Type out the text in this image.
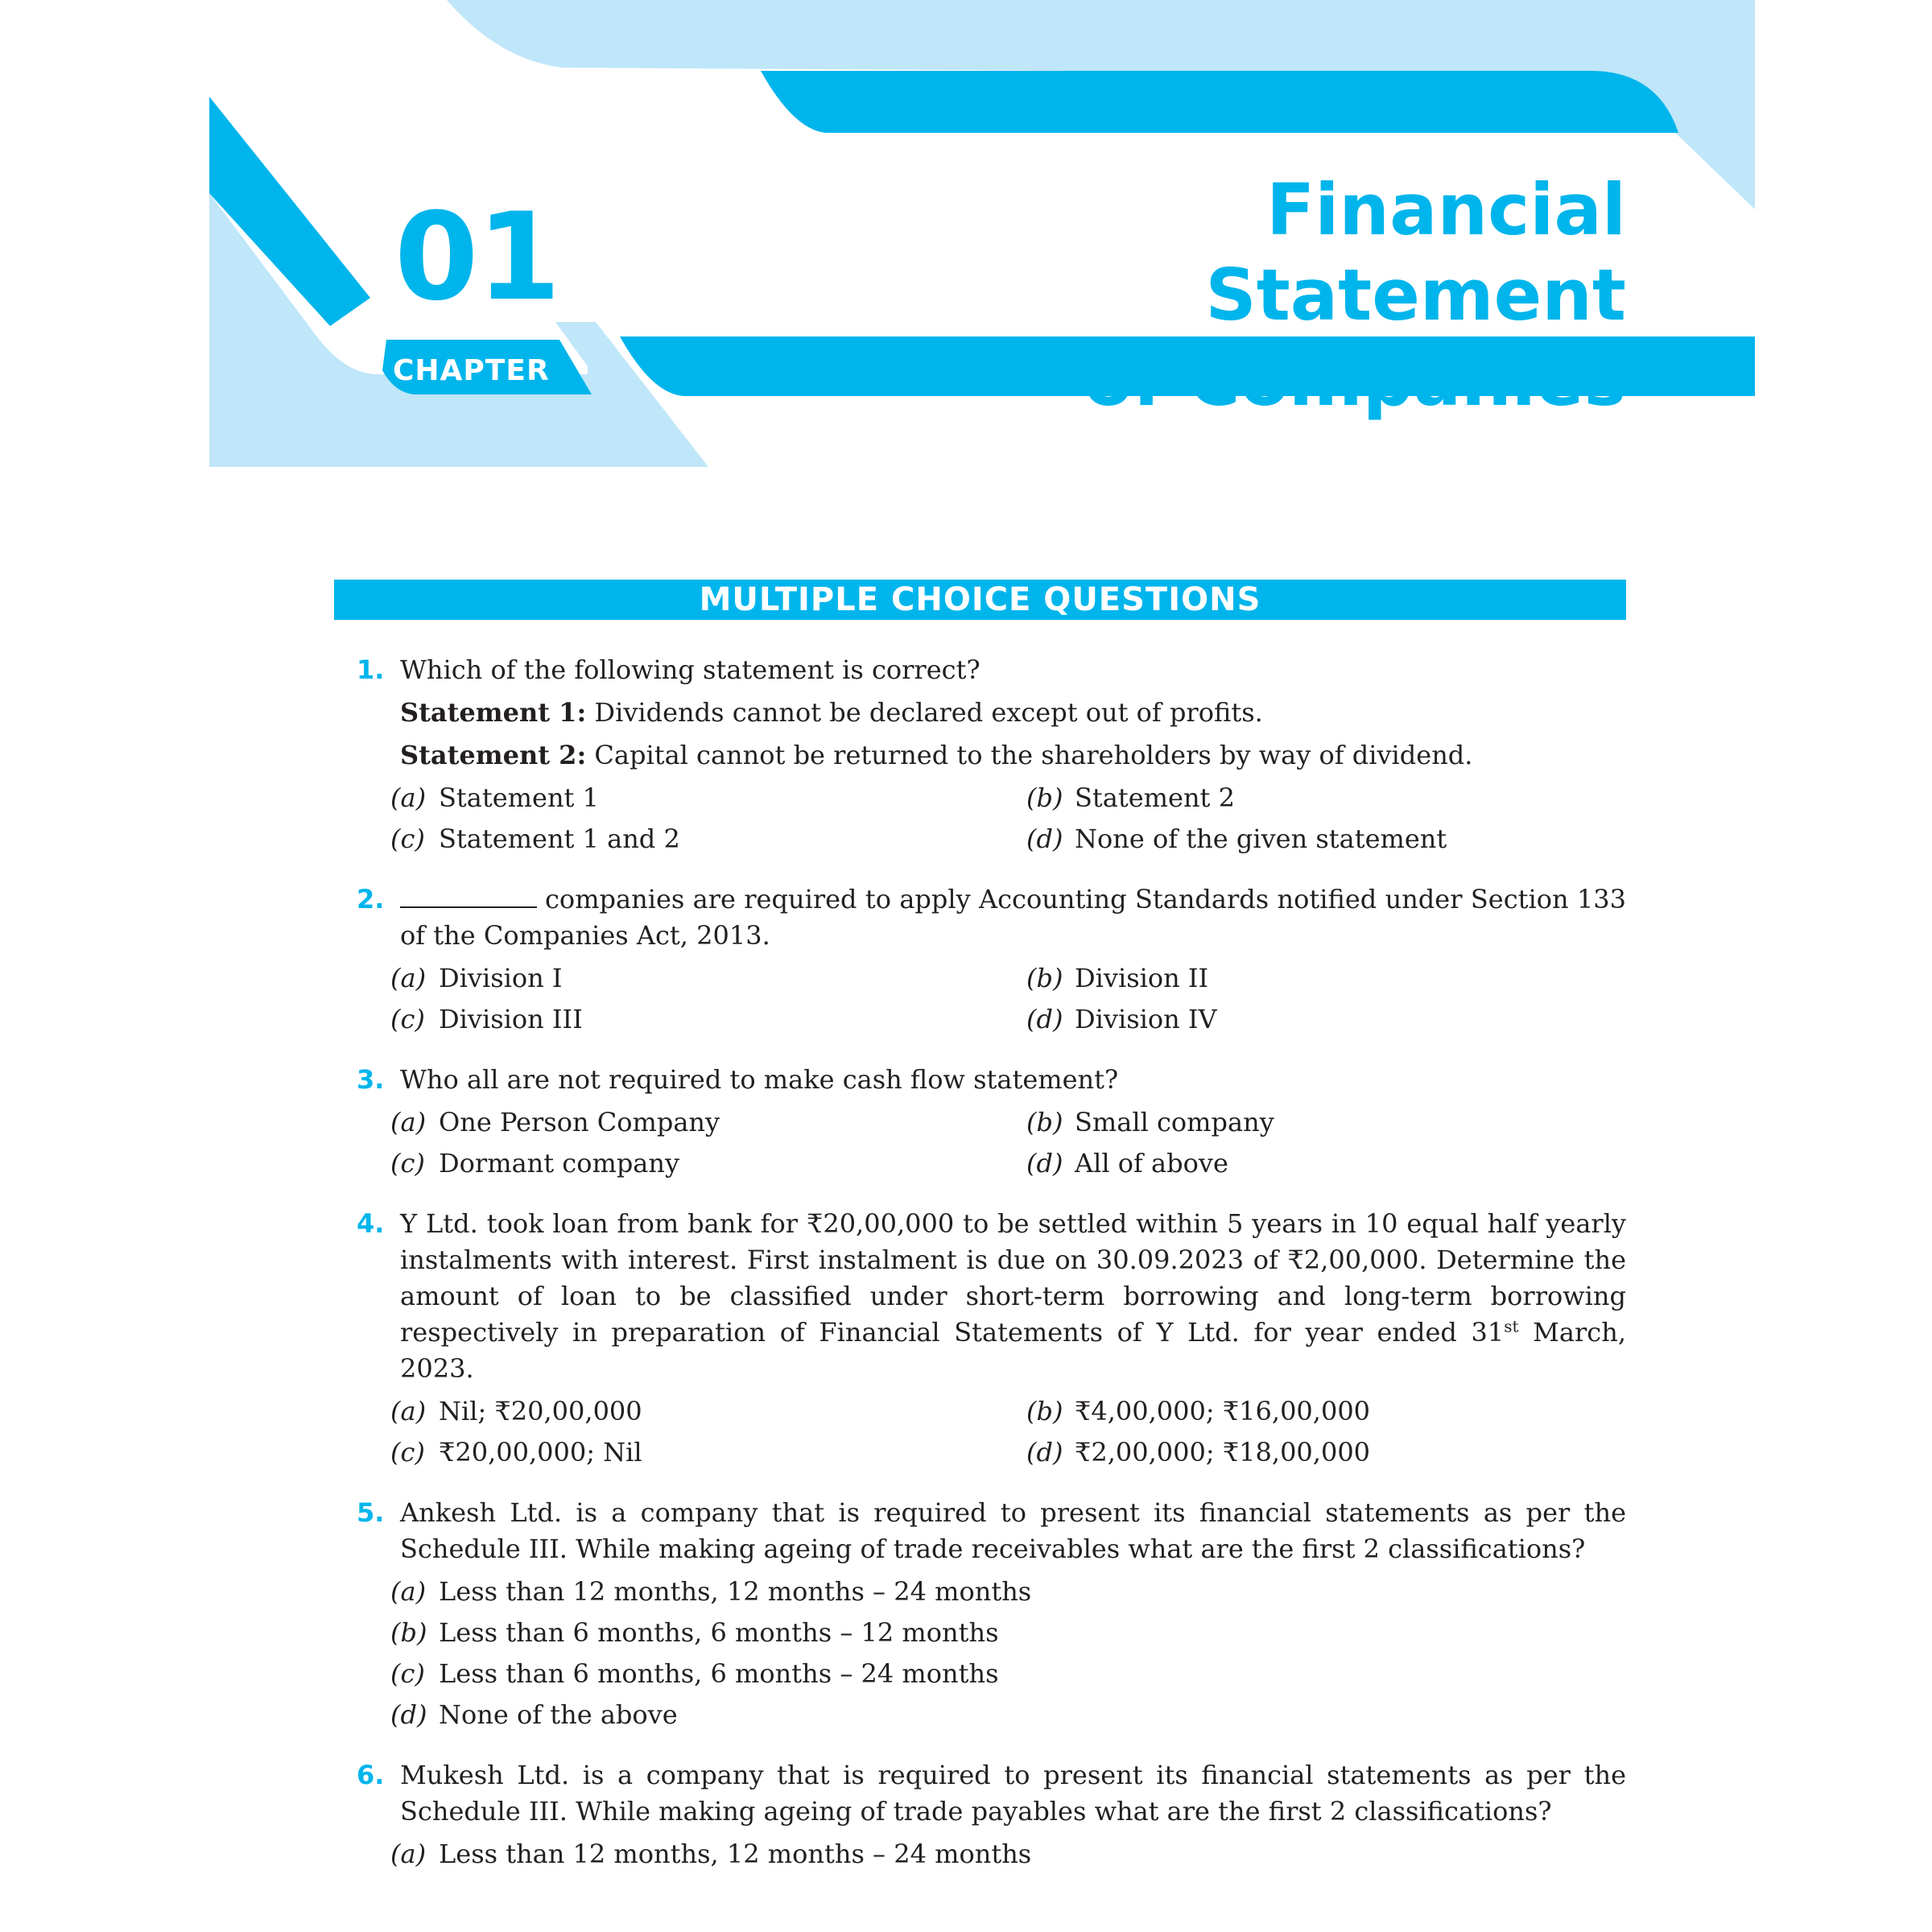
01
CHAPTER
Financial Statement
of Companies
MULTIPLE CHOICE QUESTIONS
1. Which of the following statement is correct?
Statement 1: Dividends cannot be declared except out of profits.
Statement 2: Capital cannot be returned to the shareholders by way of dividend.
(a) Statement 1	(b) Statement 2
(c) Statement 1 and 2	(d) None of the given statement
2.	companies are required to apply Accounting Standards notified under Section 133 of the Companies Act, 2013.
(a) Division I	(b) Division II
(c) Division III	(d) Division IV
3. Who all are not required to make cash flow statement?
(a) One Person Company	(b) Small company
(c) Dormant company	(d) All of above
4. Y Ltd. took loan from bank for ₹20,00,000 to be settled within 5 years in 10 equal half yearly instalments with interest. First instalment is due on 30.09.2023 of ₹2,00,000. Determine the amount of loan to be classified under short-term borrowing and long-term borrowing respectively in preparation of Financial Statements of Y Ltd. for year ended 31st March, 2023.
(a) Nil; ₹20,00,000	(b) ₹4,00,000; ₹16,00,000
(c) ₹20,00,000; Nil	(d) ₹2,00,000; ₹18,00,000
5. Ankesh Ltd. is a company that is required to present its financial statements as per the Schedule III. While making ageing of trade receivables what are the first 2 classifications?
(a) Less than 12 months, 12 months – 24 months
(b) Less than 6 months, 6 months – 12 months
(c) Less than 6 months, 6 months – 24 months
(d) None of the above
6. Mukesh Ltd. is a company that is required to present its financial statements as per the Schedule III. While making ageing of trade payables what are the first 2 classifications?
(a) Less than 12 months, 12 months – 24 months
